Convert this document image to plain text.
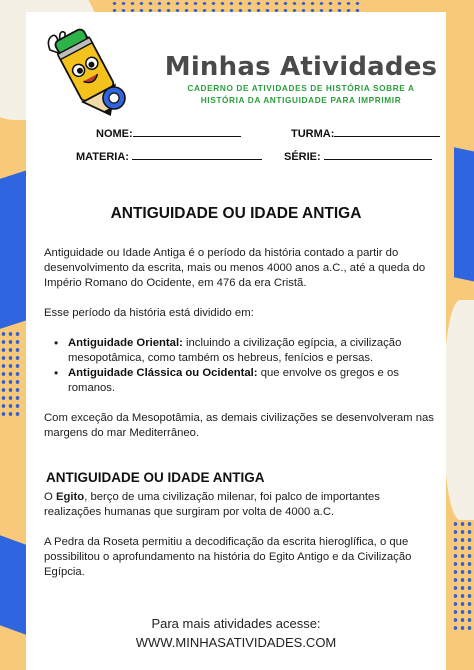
Minhas Atividades
CADERNO DE ATIVIDADES DE HISTÓRIA SOBRE A
HISTÓRIA DA ANTIGUIDADE PARA IMPRIMIR
NOME:	TURMA:
MATERIA:	SÉRIE:
ANTIGUIDADE OU IDADE ANTIGA

Antiguidade ou Idade Antiga é o período da história contado a partir do desenvolvimento da escrita, mais ou menos 4000 anos a.C., até a queda do Império Romano do Ocidente, em 476 da era Cristã.

Esse período da história está dividido em:

• Antiguidade Oriental: incluindo a civilização egípcia, a civilização mesopotâmica, como também os hebreus, fenícios e persas.
• Antiguidade Clássica ou Ocidental: que envolve os gregos e os romanos.

Com exceção da Mesopotâmia, as demais civilizações se desenvolveram nas margens do mar Mediterrâneo.

ANTIGUIDADE OU IDADE ANTIGA

O Egito, berço de uma civilização milenar, foi palco de importantes realizações humanas que surgiram por volta de 4000 a.C.

A Pedra da Roseta permitiu a decodificação da escrita hieroglífica, o que possibilitou o aprofundamento na história do Egito Antigo e da Civilização Egípcia.

Para mais atividades acesse:
WWW.MINHASATIVIDADES.COM
